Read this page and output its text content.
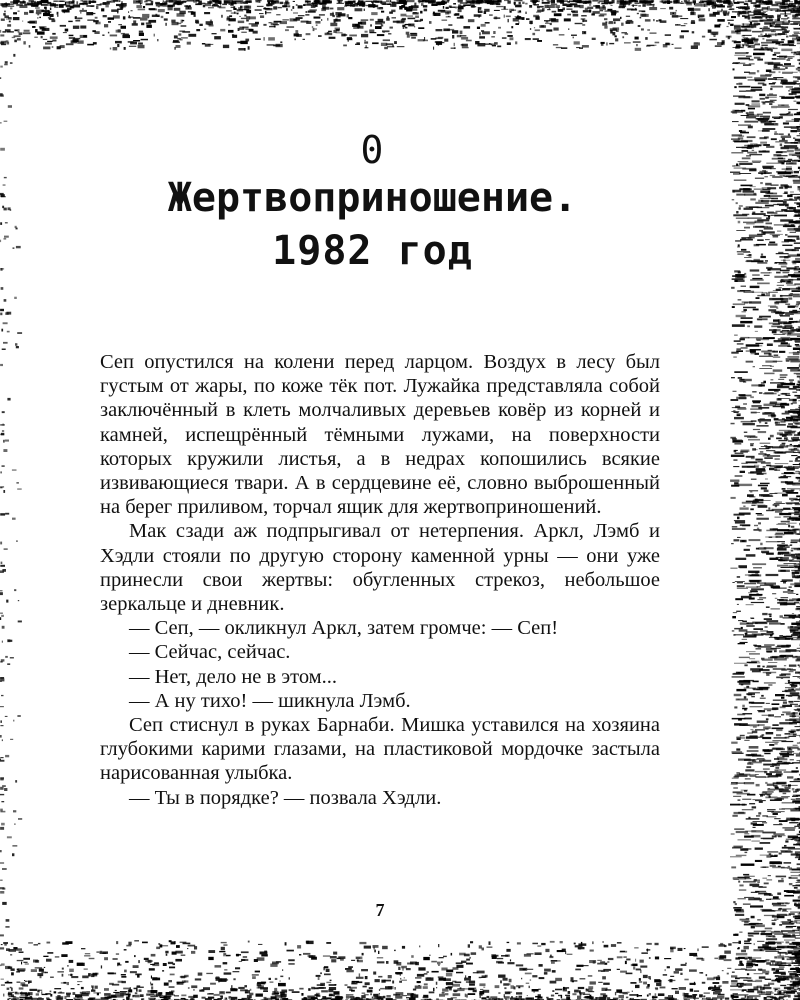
0
Жертвоприношение.
1982 год

Сеп опустился на колени перед ларцом. Воздух в лесу был густым от жары, по коже тёк пот. Лужайка представляла собой заключённый в клеть молчаливых деревьев ковёр из корней и камней, испещрённый тёмными лужами, на поверхности которых кружили листья, а в недрах копошились всякие извивающиеся твари. А в сердцевине её, словно выброшенный на берег приливом, торчал ящик для жертвоприношений.

Мак сзади аж подпрыгивал от нетерпения. Аркл, Лэмб и Хэдли стояли по другую сторону каменной урны — они уже принесли свои жертвы: обугленных стрекоз, небольшое зеркальце и дневник.

— Сеп, — окликнул Аркл, затем громче: — Сеп!

— Сейчас, сейчас.

— Нет, дело не в этом...

— А ну тихо! — шикнула Лэмб.

Сеп стиснул в руках Барнаби. Мишка уставился на хозяина глубокими карими глазами, на пластиковой мордочке застыла нарисованная улыбка.

— Ты в порядке? — позвала Хэдли.

7
